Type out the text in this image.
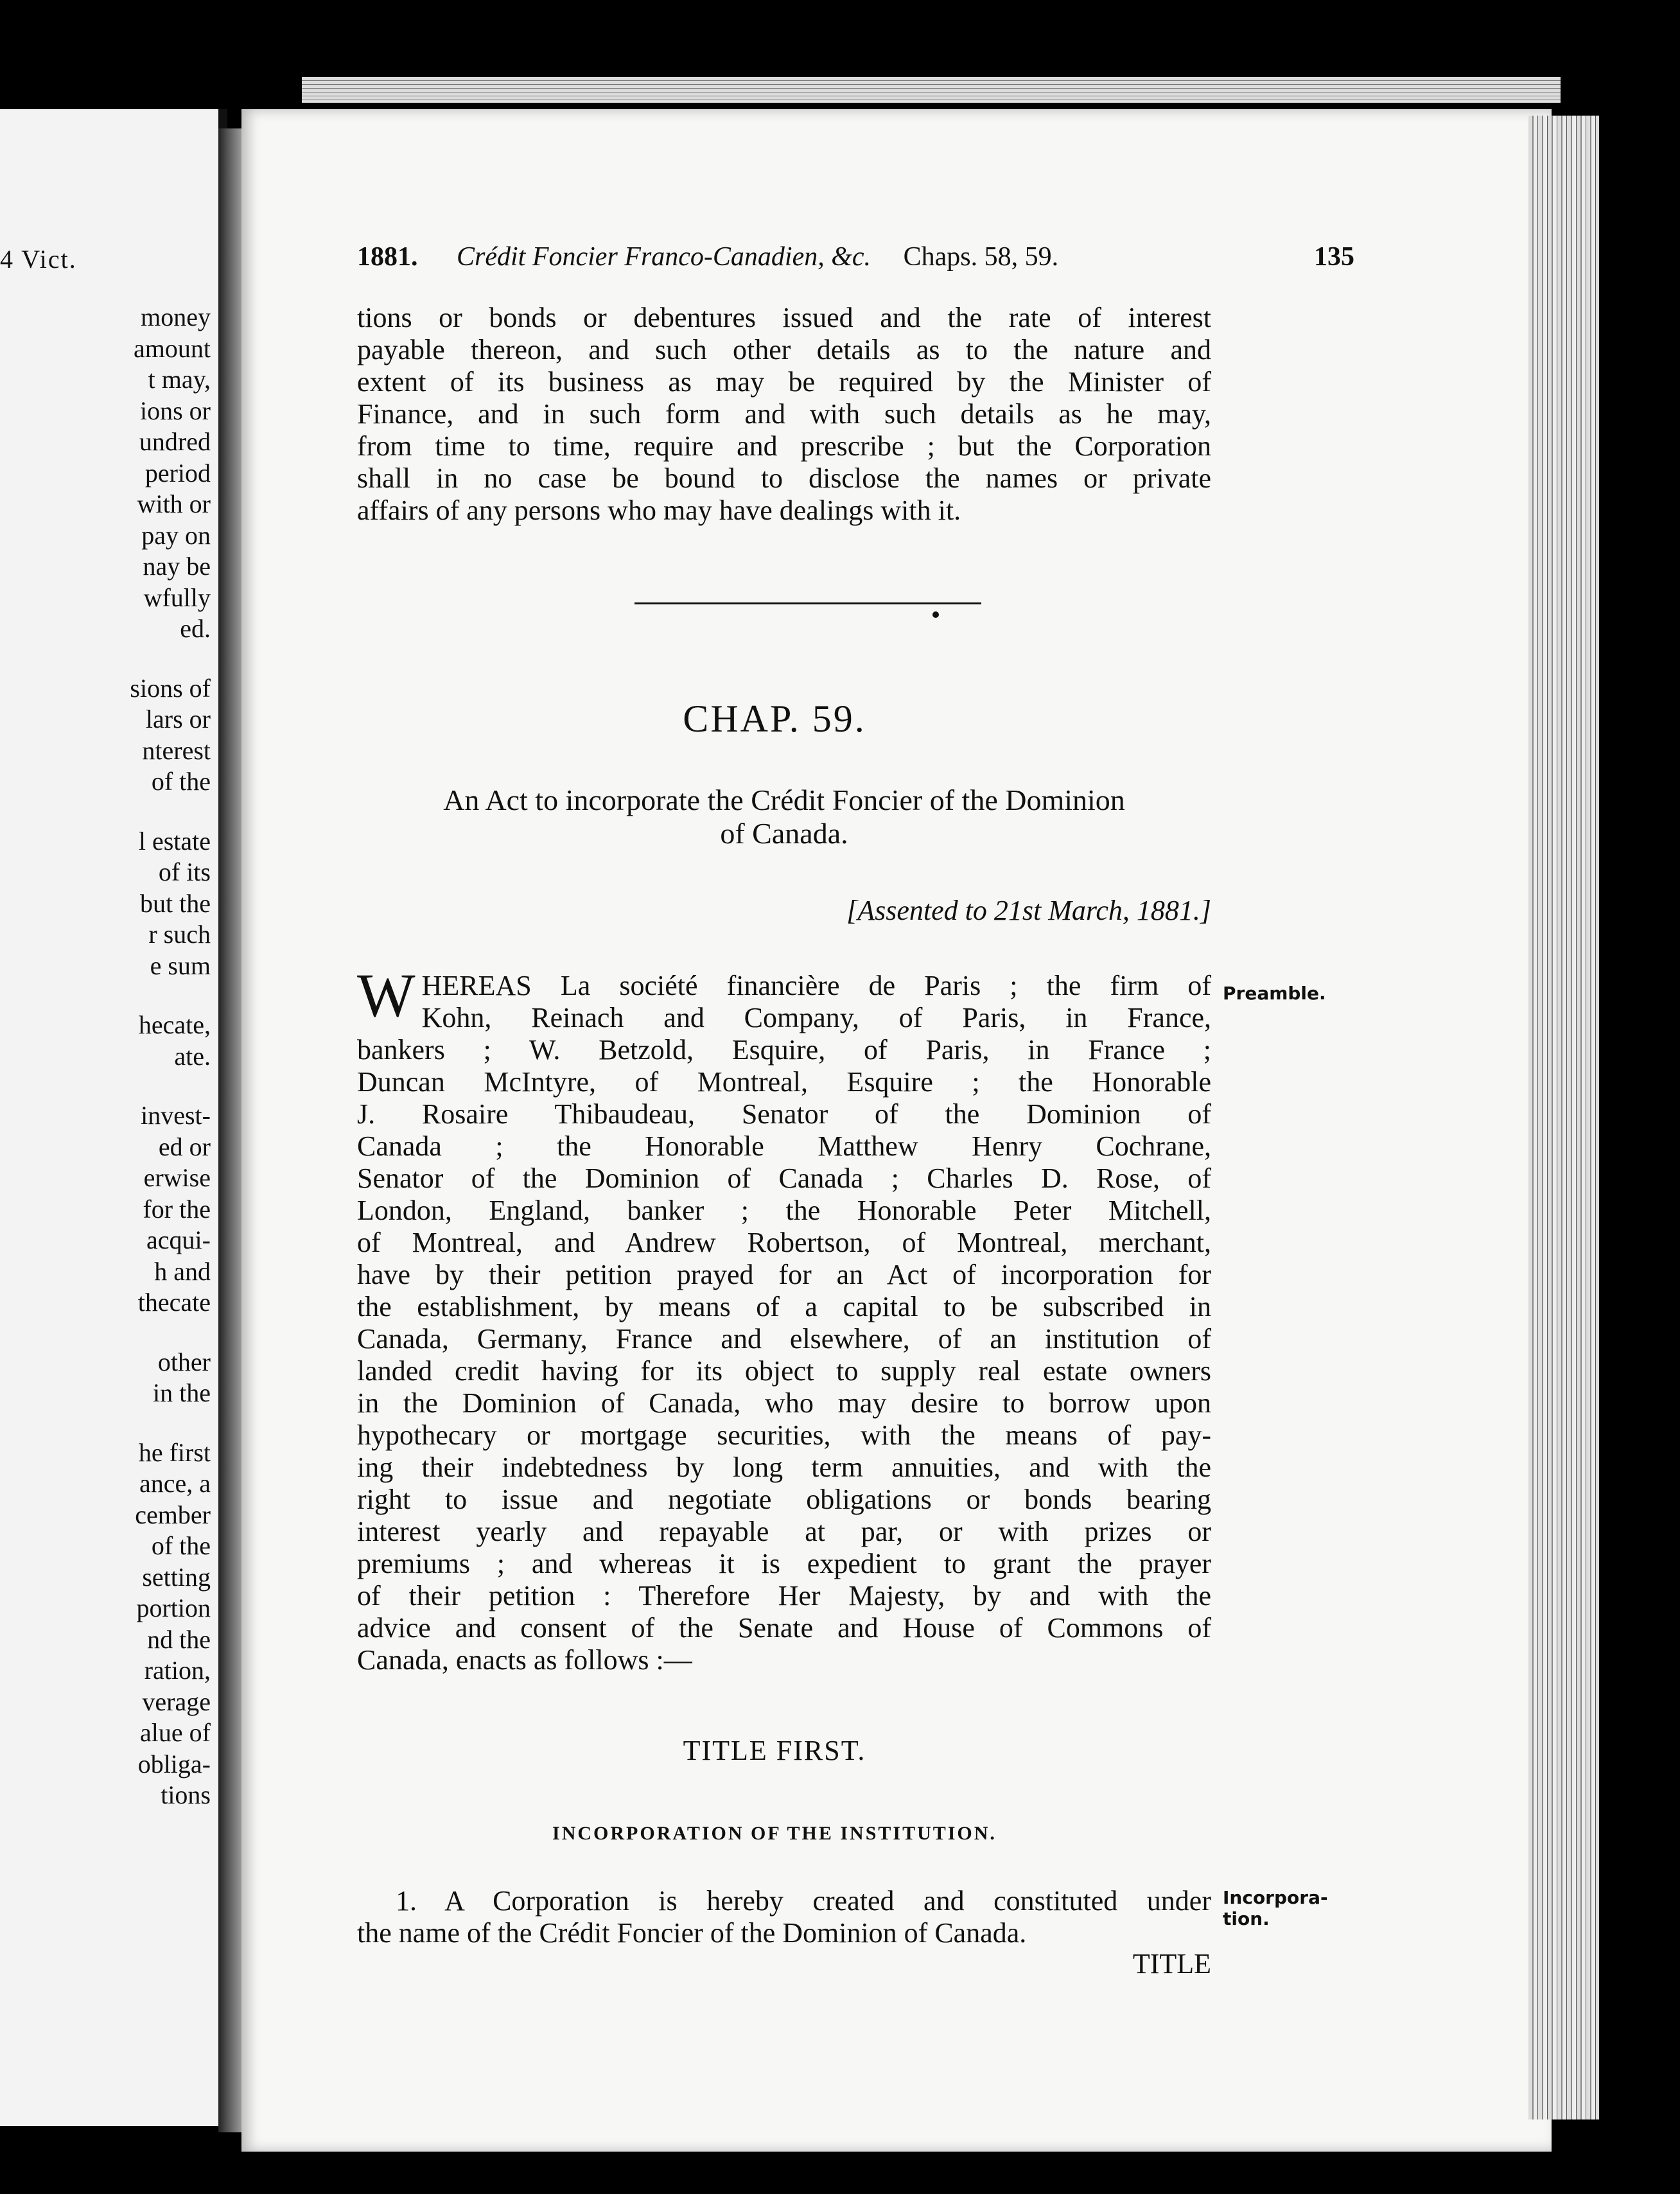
4 Vict.
money
amount
t may,
ions or
undred
period
with or
pay on
nay be
wfully
ed.
sions of
lars or
nterest
of the
l estate
of its
but the
r such
e sum
hecate,
ate.
invest-
ed or
erwise
for the
acqui-
h and
thecate
other
in the
he first
ance, a
cember
of the
setting
portion
nd the
ration,
verage
alue of
obliga-
tions
1881. Crédit Foncier Franco-Canadien, &c. Chaps. 58, 59.	135
tions or bonds or debentures issued and the rate of interest
payable thereon, and such other details as to the nature and
extent of its business as may be required by the Minister of
Finance, and in such form and with such details as he may,
from time to time, require and prescribe ; but the Corporation
shall in no case be bound to disclose the names or private
affairs of any persons who may have dealings with it.
CHAP. 59.
An Act to incorporate the Crédit Foncier of the Dominion
of Canada.
[Assented to 21st March, 1881.]
Preamble.
W HEREAS La société financière de Paris ; the firm of
Kohn, Reinach and Company, of Paris, in France,
bankers ; W. Betzold, Esquire, of Paris, in France ;
Duncan McIntyre, of Montreal, Esquire ; the Honorable
J. Rosaire Thibaudeau, Senator of the Dominion of
Canada ; the Honorable Matthew Henry Cochrane,
Senator of the Dominion of Canada ; Charles D. Rose, of
London, England, banker ; the Honorable Peter Mitchell,
of Montreal, and Andrew Robertson, of Montreal, merchant,
have by their petition prayed for an Act of incorporation for
the establishment, by means of a capital to be subscribed in
Canada, Germany, France and elsewhere, of an institution of
landed credit having for its object to supply real estate owners
in the Dominion of Canada, who may desire to borrow upon
hypothecary or mortgage securities, with the means of pay-
ing their indebtedness by long term annuities, and with the
right to issue and negotiate obligations or bonds bearing
interest yearly and repayable at par, or with prizes or
premiums ; and whereas it is expedient to grant the prayer
of their petition : Therefore Her Majesty, by and with the
advice and consent of the Senate and House of Commons of
Canada, enacts as follows :—
TITLE FIRST.
INCORPORATION OF THE INSTITUTION.
Incorpora-
tion.
1. A Corporation is hereby created and constituted under
the name of the Crédit Foncier of the Dominion of Canada.
TITLE
